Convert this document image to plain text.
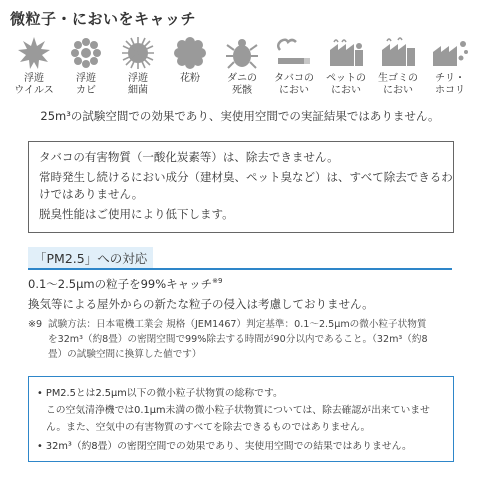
微粒子・においをキャッチ
浮遊
ウイルス
浮遊
カビ
浮遊
細菌
花粉	ダニの
死骸
タバコの
におい
ペットの
におい
生ゴミの
におい
チリ・
ホコリ
25m³の試験空間での効果であり、実使用空間での実証結果ではありません。
タバコの有害物質（一酸化炭素等）は、除去できません。
常時発生し続けるにおい成分（建材臭、ペット臭など）は、すべて除去できるわ
けではありません。
脱臭性能はご使用により低下します。
「PM2.5」への対応
0.1〜2.5μmの粒子を99%キャッチ$^{※9}$
換気等による屋外からの新たな粒子の侵入は考慮しておりません。
※9 試験方法：日本電機工業会 規格（JEM1467）判定基準：0.1〜2.5μmの微小粒子状物質
を32m³（約8畳）の密閉空間で99%除去する時間が90分以内であること。（32m³（約8
畳）の試験空間に換算した値です）
• PM2.5とは2.5μm以下の微小粒子状物質の総称です。
この空気清浄機では0.1μm未満の微小粒子状物質については、除去確認が出来ていませ
ん。また、空気中の有害物質のすべてを除去できるものではありません。
• 32m³（約8畳）の密閉空間での効果であり、実使用空間での結果ではありません。
